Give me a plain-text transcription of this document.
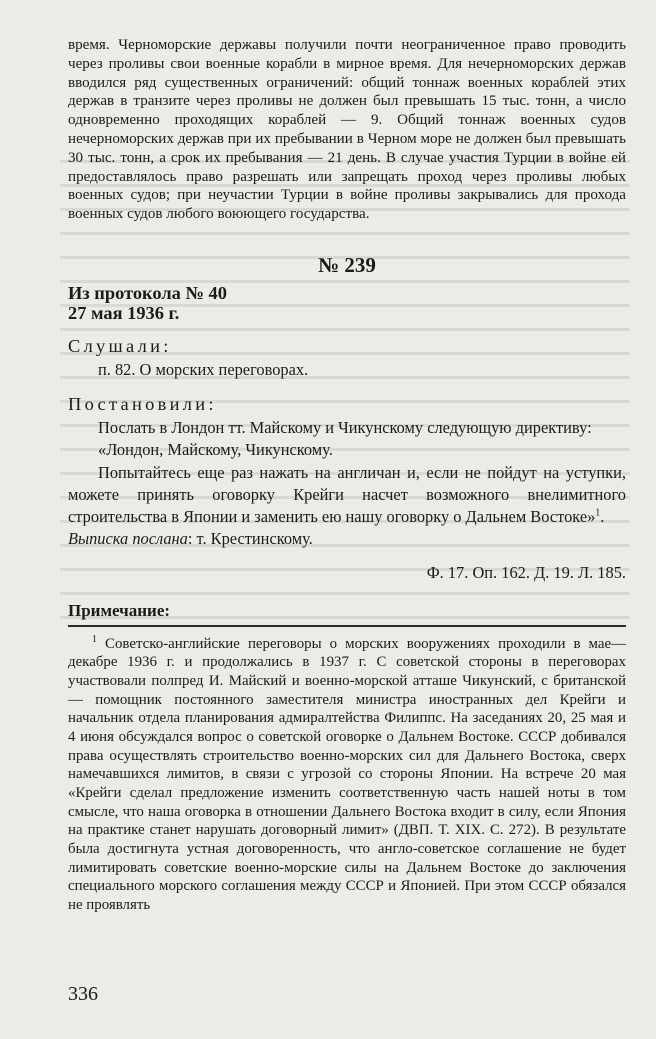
время. Черноморские державы получили почти неограниченное право проводить через проливы свои военные корабли в мирное время. Для нечерноморских держав вводился ряд существенных ограничений: общий тоннаж военных кораблей этих держав в транзите через проливы не должен был превышать 15 тыс. тонн, а число одновременно проходящих кораблей — 9. Общий тоннаж военных судов нечерноморских держав при их пребывании в Черном море не должен был превышать 30 тыс. тонн, а срок их пребывания — 21 день. В случае участия Турции в войне ей предоставлялось право разрешать или запрещать проход через проливы любых военных судов; при неучастии Турции в войне проливы закрывались для прохода военных судов любого воюющего государства.

№ 239

Из протокола № 40

27 мая 1936 г.

Слушали:

п. 82. О морских переговорах.

Постановили:

Послать в Лондон тт. Майскому и Чикунскому следующую директиву:

«Лондон, Майскому, Чикунскому.

Попытайтесь еще раз нажать на англичан и, если не пойдут на уступки, можете принять оговорку Крейги насчет возможного внелимитного строительства в Японии и заменить ею нашу оговорку о Дальнем Востоке»$^1$.

Выписка послана: т. Крестинскому.

Ф. 17. Оп. 162. Д. 19. Л. 185.

Примечание:

$^1$ Советско-английские переговоры о морских вооружениях проходили в мае—декабре 1936 г. и продолжались в 1937 г. С советской стороны в переговорах участвовали полпред И. Майский и военно-морской атташе Чикунский, с британской — помощник постоянного заместителя министра иностранных дел Крейги и начальник отдела планирования адмиралтейства Филиппс. На заседаниях 20, 25 мая и 4 июня обсуждался вопрос о советской оговорке о Дальнем Востоке. СССР добивался права осуществлять строительство военно-морских сил для Дальнего Востока, сверх намечавшихся лимитов, в связи с угрозой со стороны Японии. На встрече 20 мая «Крейги сделал предложение изменить соответственную часть нашей ноты в том смысле, что наша оговорка в отношении Дальнего Востока входит в силу, если Япония на практике станет нарушать договорный лимит» (ДВП. Т. XIX. С. 272). В результате была достигнута устная договоренность, что англо-советское соглашение не будет лимитировать советские военно-морские силы на Дальнем Востоке до заключения специального морского соглашения между СССР и Японией. При этом СССР обязался не проявлять

336
